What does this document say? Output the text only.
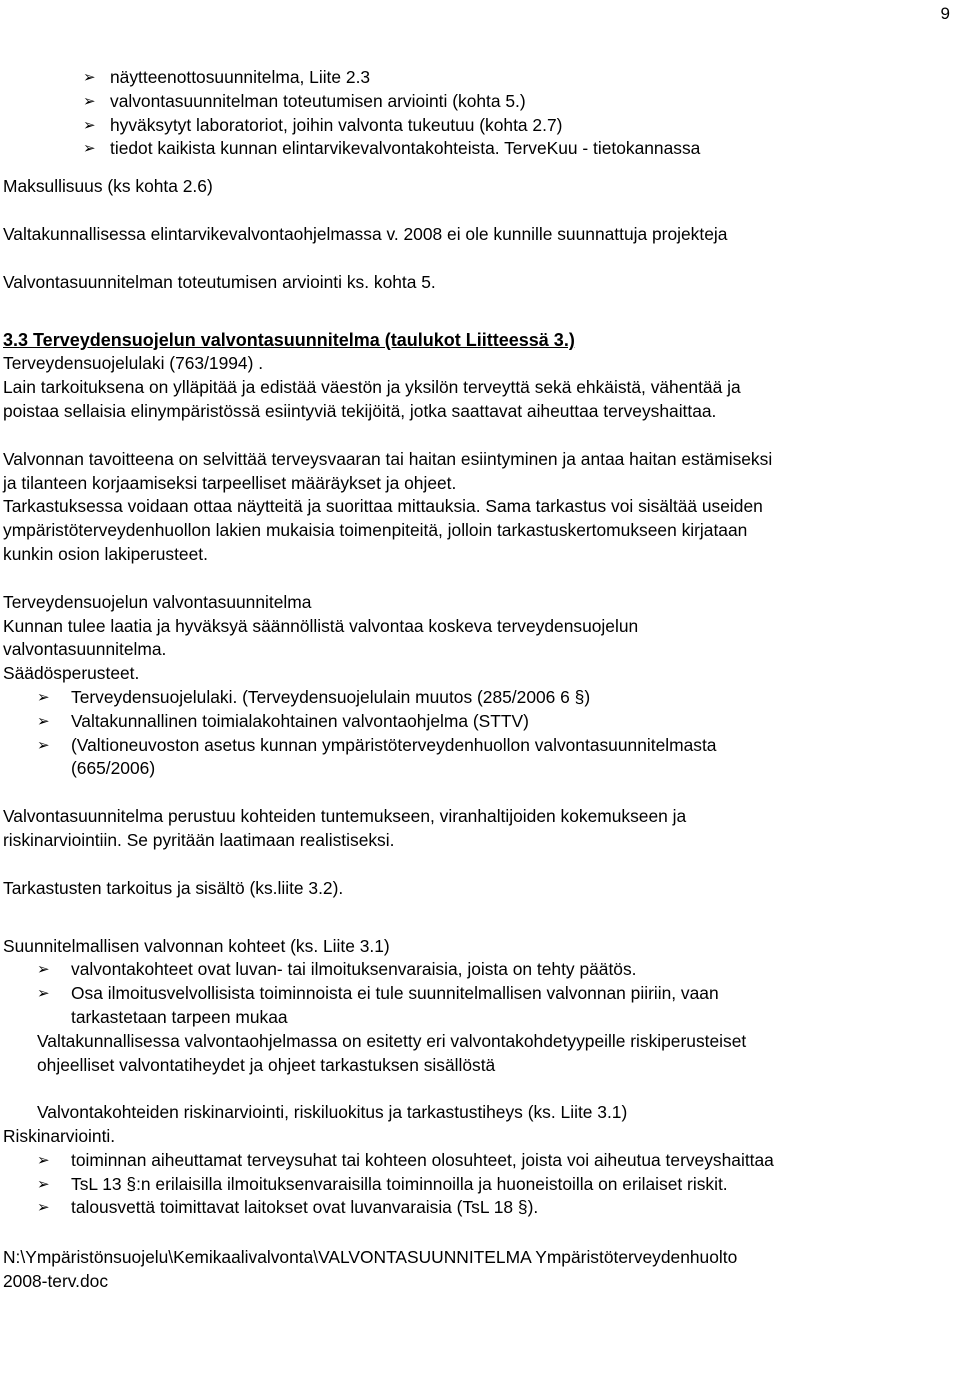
9
➢ näytteenottosuunnitelma, Liite 2.3
➢ valvontasuunnitelman toteutumisen arviointi (kohta 5.)
➢ hyväksytyt laboratoriot, joihin valvonta tukeutuu (kohta 2.7)
➢ tiedot kaikista kunnan elintarvikevalvontakohteista. TerveKuu - tietokannassa
Maksullisuus (ks kohta 2.6)
Valtakunnallisessa elintarvikevalvontaohjelmassa v. 2008 ei ole kunnille suunnattuja projekteja
Valvontasuunnitelman toteutumisen arviointi ks. kohta 5.
3.3 Terveydensuojelun valvontasuunnitelma (taulukot Liitteessä 3.)
Terveydensuojelulaki (763/1994) .
Lain tarkoituksena on ylläpitää ja edistää väestön ja yksilön terveyttä sekä ehkäistä, vähentää ja
poistaa sellaisia elinympäristössä esiintyviä tekijöitä, jotka saattavat aiheuttaa terveyshaittaa.
Valvonnan tavoitteena on selvittää terveysvaaran tai haitan esiintyminen ja antaa haitan estämiseksi
ja tilanteen korjaamiseksi tarpeelliset määräykset ja ohjeet.
Tarkastuksessa voidaan ottaa näytteitä ja suorittaa mittauksia. Sama tarkastus voi sisältää useiden
ympäristöterveydenhuollon lakien mukaisia toimenpiteitä, jolloin tarkastuskertomukseen kirjataan
kunkin osion lakiperusteet.
Terveydensuojelun valvontasuunnitelma
Kunnan tulee laatia ja hyväksyä säännöllistä valvontaa koskeva terveydensuojelun
valvontasuunnitelma.
Säädösperusteet.
➢ Terveydensuojelulaki. (Terveydensuojelulain muutos (285/2006 6 §)
➢ Valtakunnallinen toimialakohtainen valvontaohjelma (STTV)
➢ (Valtioneuvoston asetus kunnan ympäristöterveydenhuollon valvontasuunnitelmasta
(665/2006)
Valvontasuunnitelma perustuu kohteiden tuntemukseen, viranhaltijoiden kokemukseen ja
riskinarviointiin. Se pyritään laatimaan realistiseksi.
Tarkastusten tarkoitus ja sisältö (ks.liite 3.2).
Suunnitelmallisen valvonnan kohteet (ks. Liite 3.1)
➢ valvontakohteet ovat luvan- tai ilmoituksenvaraisia, joista on tehty päätös.
➢ Osa ilmoitusvelvollisista toiminnoista ei tule suunnitelmallisen valvonnan piiriin, vaan
tarkastetaan tarpeen mukaa
Valtakunnallisessa valvontaohjelmassa on esitetty eri valvontakohdetyypeille riskiperusteiset
ohjeelliset valvontatiheydet ja ohjeet tarkastuksen sisällöstä
Valvontakohteiden riskinarviointi, riskiluokitus ja tarkastustiheys (ks. Liite 3.1)
Riskinarviointi.
➢ toiminnan aiheuttamat terveysuhat tai kohteen olosuhteet, joista voi aiheutua terveyshaittaa
➢ TsL 13 §:n erilaisilla ilmoituksenvaraisilla toiminnoilla ja huoneistoilla on erilaiset riskit.
➢ talousvettä toimittavat laitokset ovat luvanvaraisia (TsL 18 §).
N:\Ympäristönsuojelu\Kemikaalivalvonta\VALVONTASUUNNITELMA Ympäristöterveydenhuolto
2008-terv.doc
